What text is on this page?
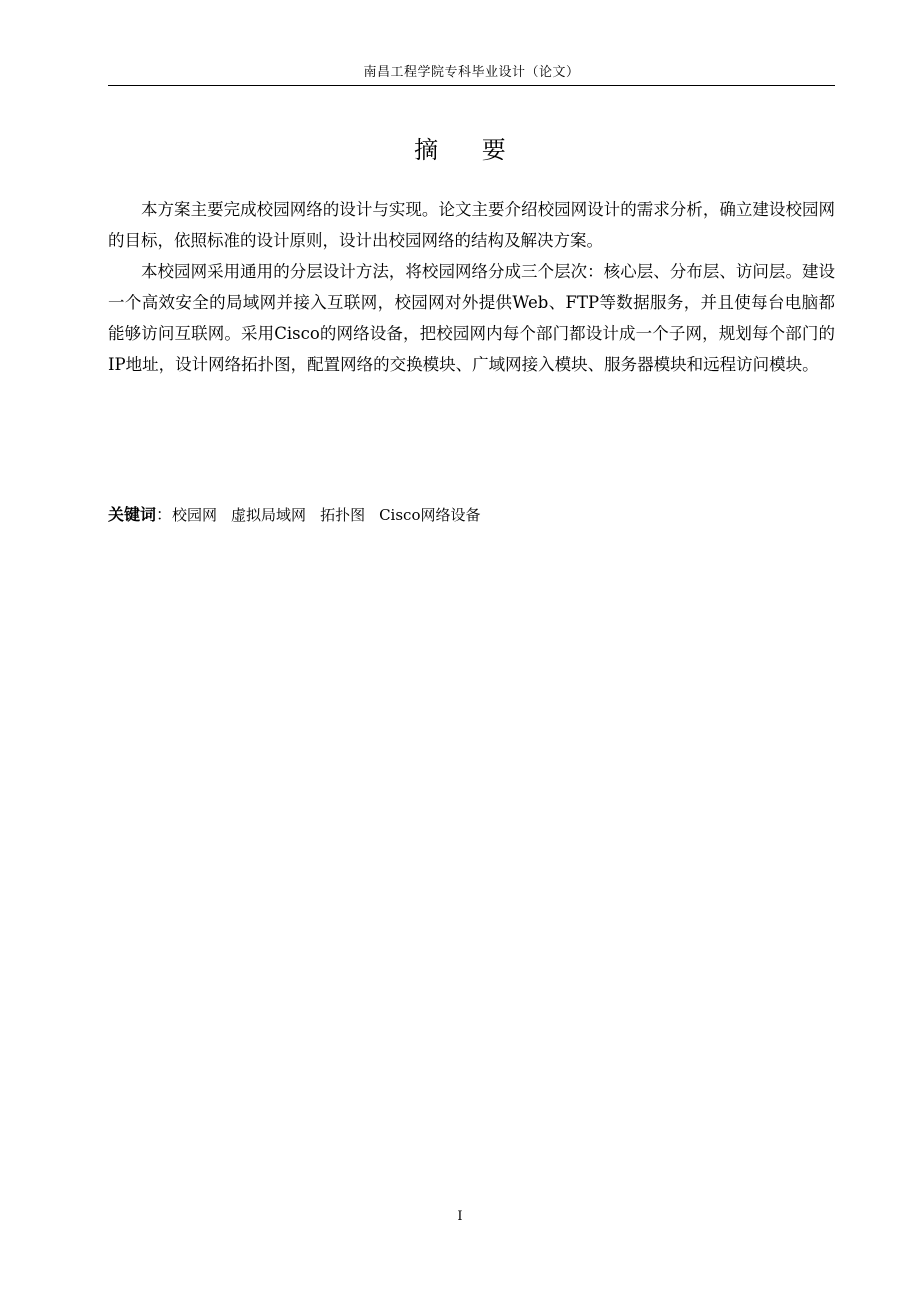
南昌工程学院专科毕业设计（论文）
摘 要

本方案主要完成校园网络的设计与实现。论文主要介绍校园网设计的需求分析，确立建设校园网的目标，依照标准的设计原则，设计出校园网络的结构及解决方案。

本校园网采用通用的分层设计方法，将校园网络分成三个层次：核心层、分布层、访问层。建设一个高效安全的局域网并接入互联网，校园网对外提供Web、FTP等数据服务，并且使每台电脑都能够访问互联网。采用Cisco的网络设备，把校园网内每个部门都设计成一个子网，规划每个部门的IP地址，设计网络拓扑图，配置网络的交换模块、广域网接入模块、服务器模块和远程访问模块。

关键词：校园网 虚拟局域网 拓扑图 Cisco网络设备
I
